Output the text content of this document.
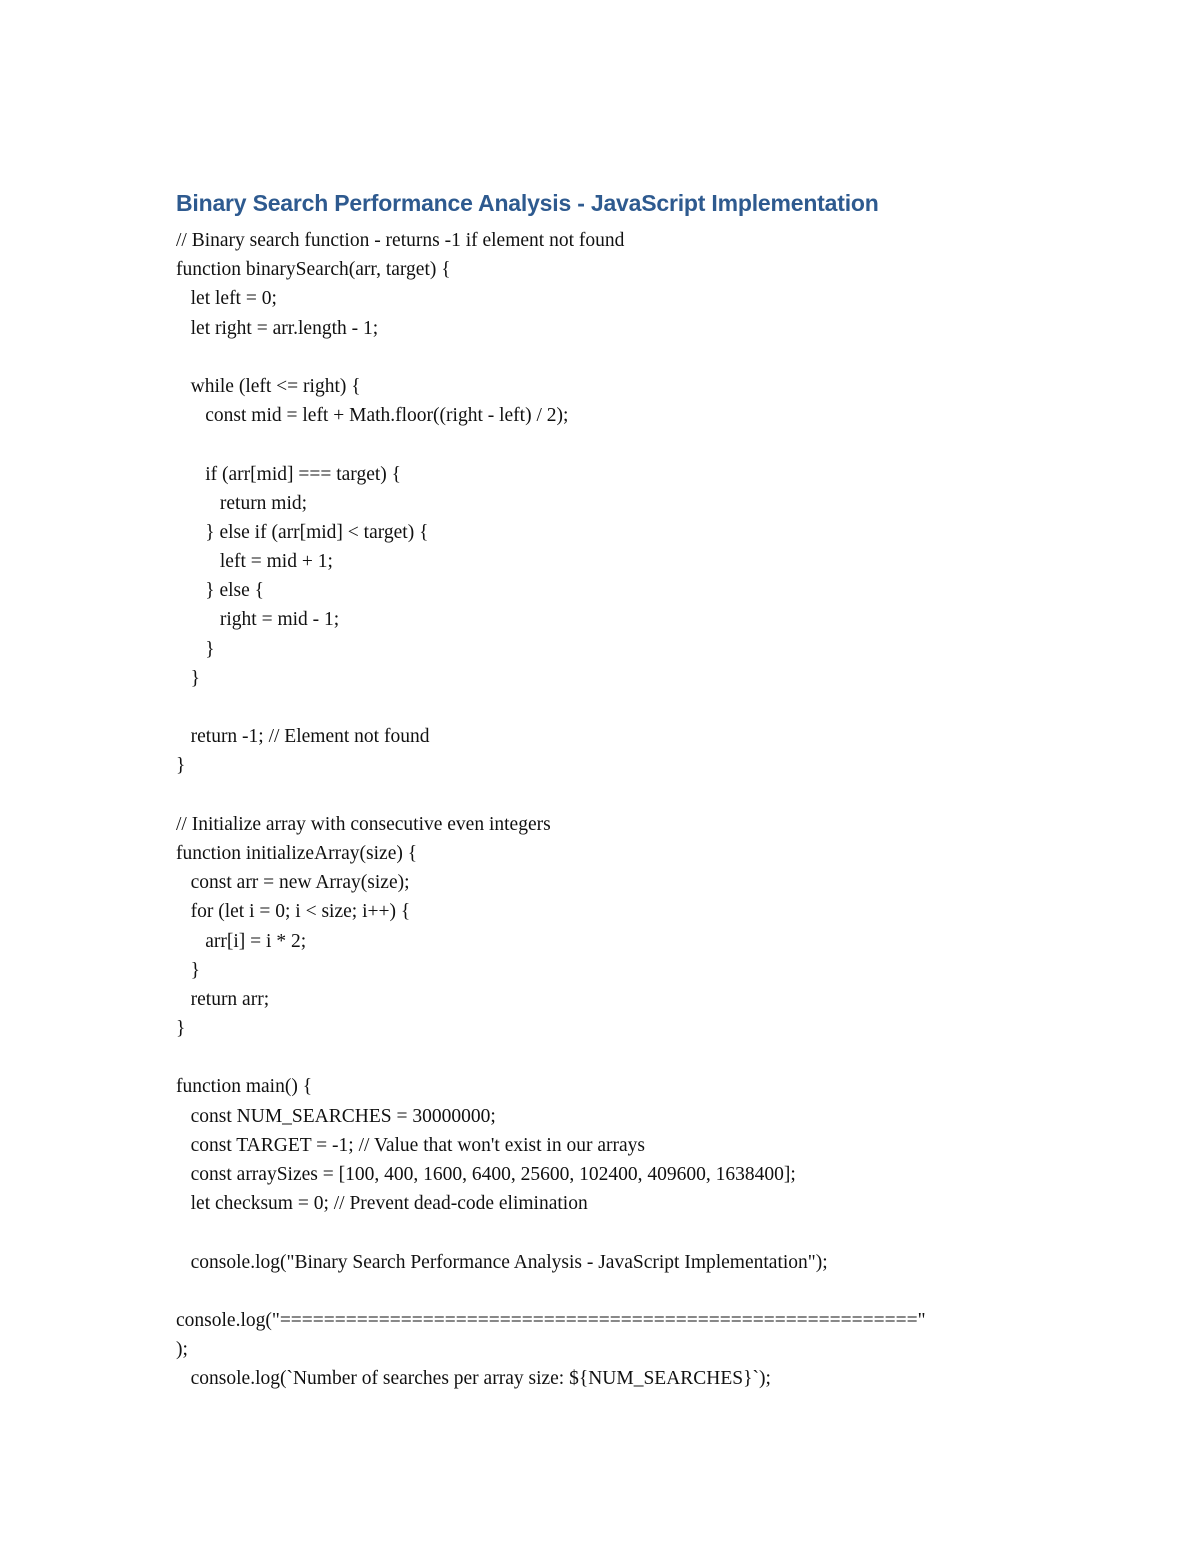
Binary Search Performance Analysis - JavaScript Implementation
// Binary search function - returns -1 if element not found
function binarySearch(arr, target) {
let left = 0;
let right = arr.length - 1;
while (left <= right) {
const mid = left + Math.floor((right - left) / 2);
if (arr[mid] === target) {
return mid;
} else if (arr[mid] < target) {
left = mid + 1;
} else {
right = mid - 1;
}
}
return -1; // Element not found
}
// Initialize array with consecutive even integers
function initializeArray(size) {
const arr = new Array(size);
for (let i = 0; i < size; i++) {
arr[i] = i * 2;
}
return arr;
}
function main() {
const NUM_SEARCHES = 30000000;
const TARGET = -1; // Value that won't exist in our arrays
const arraySizes = [100, 400, 1600, 6400, 25600, 102400, 409600, 1638400];
let checksum = 0; // Prevent dead-code elimination
console.log("Binary Search Performance Analysis - JavaScript Implementation");
console.log("=========================================================="
);
console.log(`Number of searches per array size: ${NUM_SEARCHES}`);
